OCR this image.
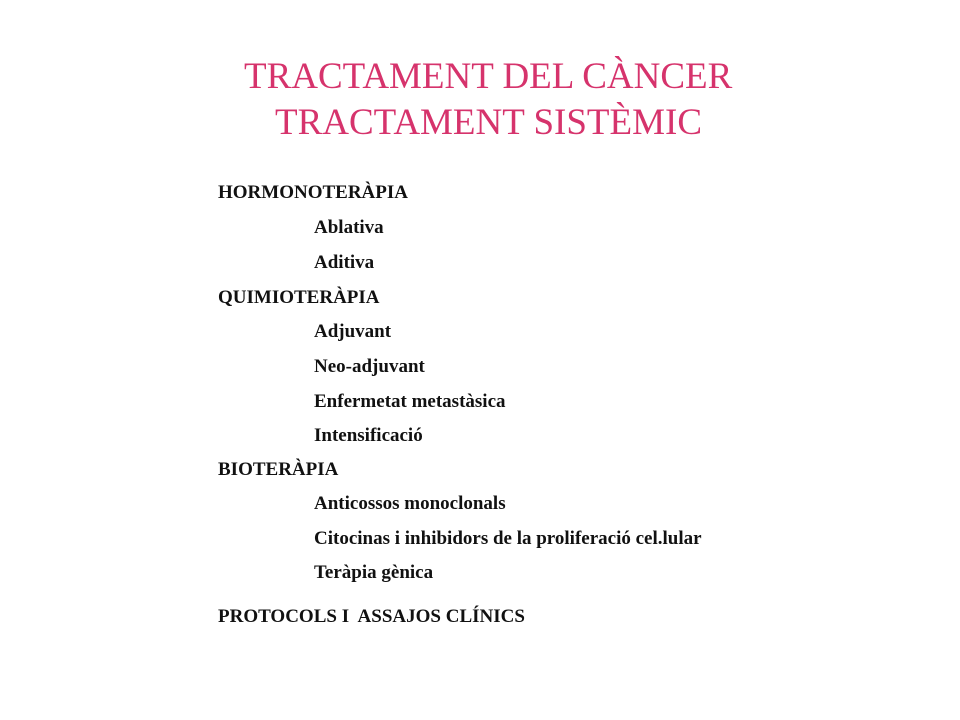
TRACTAMENT DEL CÀNCER
TRACTAMENT SISTÈMIC

HORMONOTERÀPIA

Ablativa

Aditiva

QUIMIOTERÀPIA

Adjuvant

Neo-adjuvant

Enfermetat metastàsica

Intensificació

BIOTERÀPIA

Anticossos monoclonals

Citocinas i inhibidors de la proliferació cel.lular

Teràpia gènica

PROTOCOLS I  ASSAJOS CLÍNICS
